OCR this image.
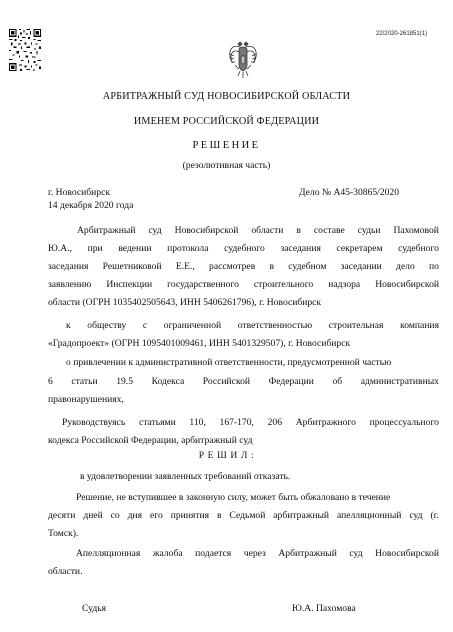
22/2020-261851(1)
АРБИТРАЖНЫЙ СУД НОВОСИБИРСКОЙ ОБЛАСТИ
ИМЕНЕМ РОССИЙСКОЙ ФЕДЕРАЦИИ
РЕШЕНИЕ
(резолютивная часть)
г. Новосибирск	Дело № А45-30865/2020
14 декабря 2020 года
Арбитражный суд Новосибирской области в составе судьи Пахомовой
Ю.А., при ведении протокола судебного заседания секретарем судебного
заседания Решетниковой Е.Е., рассмотрев в судебном заседании дело по
заявлению Инспекции государственного строительного надзора Новосибирской
области (ОГРН 1035402505643, ИНН 5406261796), г. Новосибирск
к обществу с ограниченной ответственностью строительная компания
«Градопроект» (ОГРН 1095401009461, ИНН 5401329507), г. Новосибирск
о привлечении к административной ответственности, предусмотренной частью
6 статьи 19.5 Кодекса Российской Федерации об административных
правонарушениях,
Руководствуясь статьями 110, 167-170, 206 Арбитражного процессуального
кодекса Российской Федерации, арбитражный суд
Р Е Ш И Л :
в удовлетворении заявленных требований отказать.
Решение, не вступившее в законную силу, может быть обжаловано в течение
десяти дней со дня его принятия в Седьмой арбитражный апелляционный суд (г.
Томск).
Апелляционная жалоба подается через Арбитражный суд Новосибирской
области.
Судья	Ю.А. Пахомова
